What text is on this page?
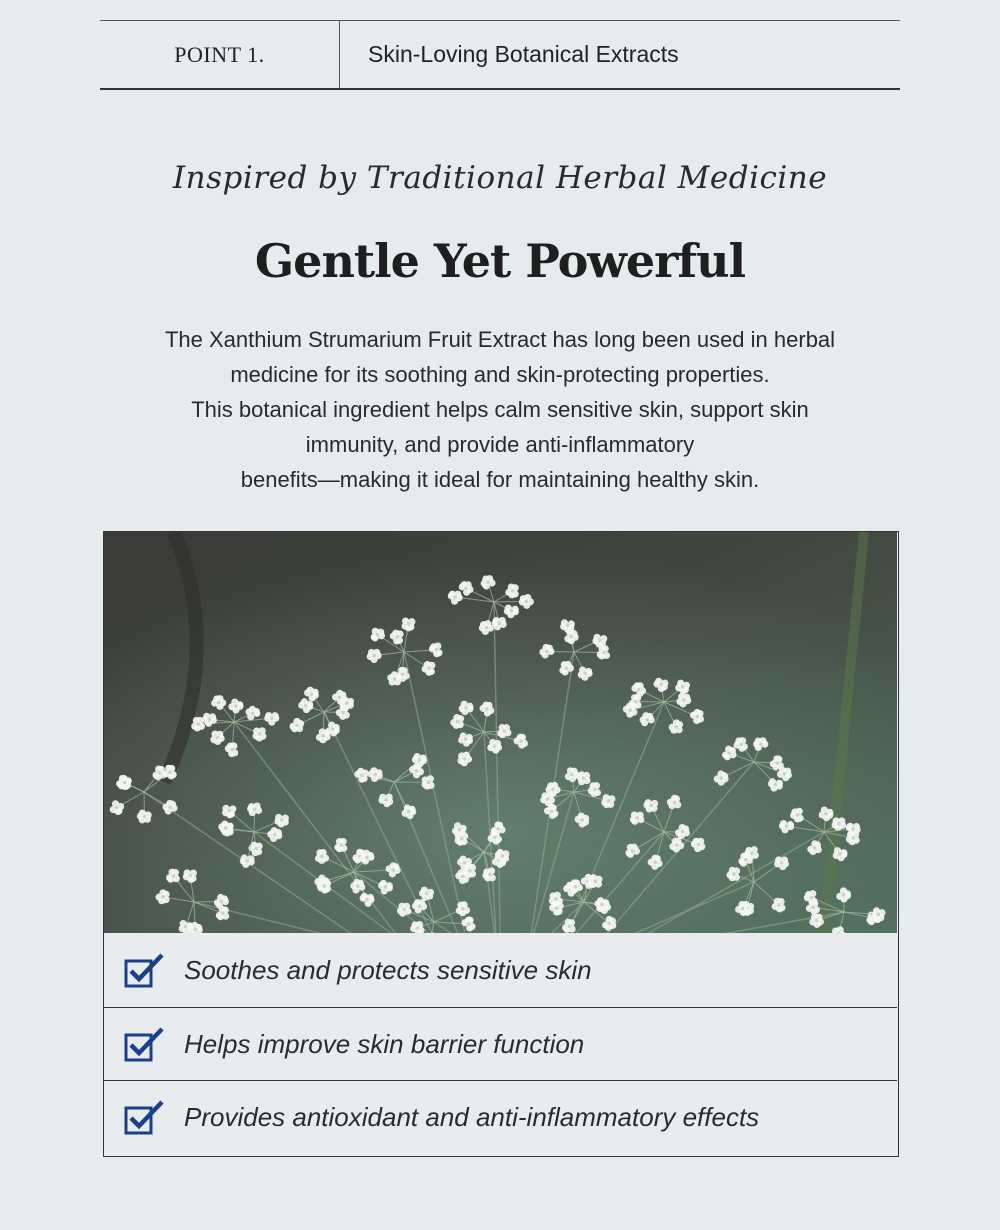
POINT 1.	Skin-Loving Botanical Extracts
Inspired by Traditional Herbal Medicine
Gentle Yet Powerful
The Xanthium Strumarium Fruit Extract has long been used in herbal
medicine for its soothing and skin-protecting properties.
This botanical ingredient helps calm sensitive skin, support skin
immunity, and provide anti-inflammatory
benefits—making it ideal for maintaining healthy skin.
Soothes and protects sensitive skin
Helps improve skin barrier function
Provides antioxidant and anti-inflammatory effects
